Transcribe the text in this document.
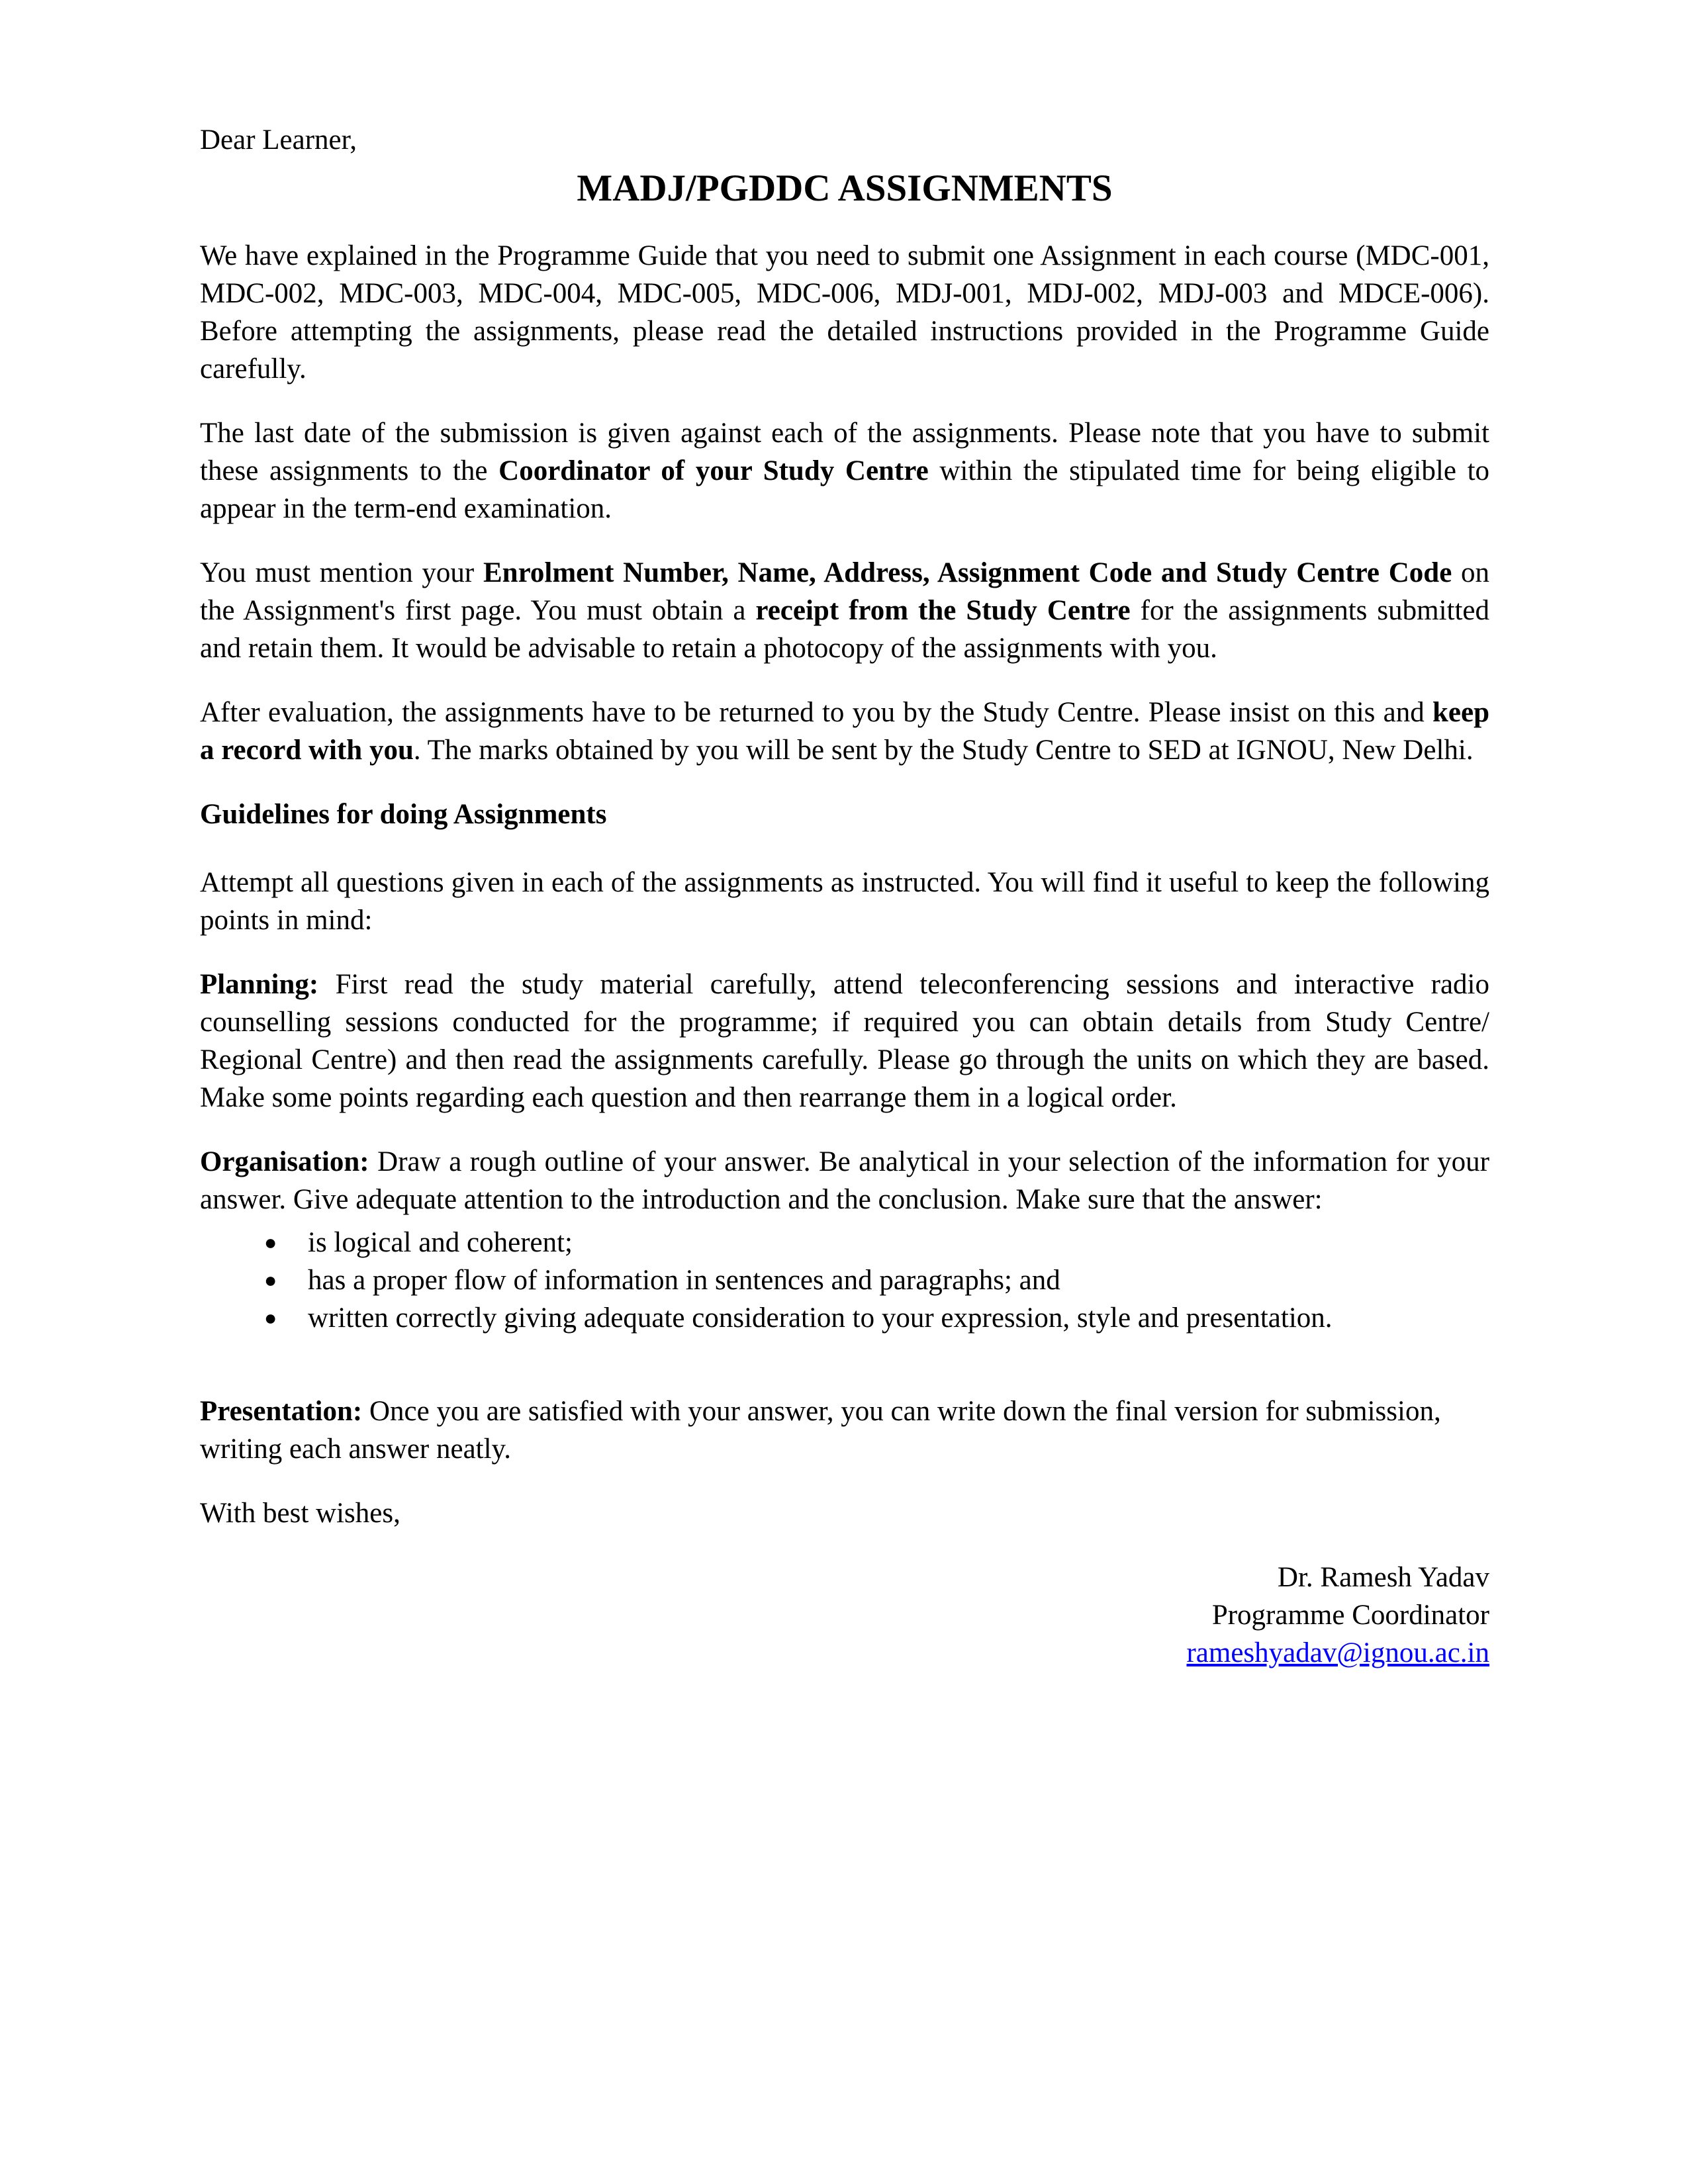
Dear Learner,

MADJ/PGDDC ASSIGNMENTS

We have explained in the Programme Guide that you need to submit one Assignment in each course (MDC-001, MDC-002, MDC-003, MDC-004, MDC-005, MDC-006, MDJ-001, MDJ-002, MDJ-003 and MDCE-006). Before attempting the assignments, please read the detailed instructions provided in the Programme Guide carefully.

The last date of the submission is given against each of the assignments. Please note that you have to submit these assignments to the Coordinator of your Study Centre within the stipulated time for being eligible to appear in the term-end examination.

You must mention your Enrolment Number, Name, Address, Assignment Code and Study Centre Code on the Assignment's first page. You must obtain a receipt from the Study Centre for the assignments submitted and retain them. It would be advisable to retain a photocopy of the assignments with you.

After evaluation, the assignments have to be returned to you by the Study Centre. Please insist on this and keep a record with you. The marks obtained by you will be sent by the Study Centre to SED at IGNOU, New Delhi.

Guidelines for doing Assignments

Attempt all questions given in each of the assignments as instructed. You will find it useful to keep the following points in mind:

Planning: First read the study material carefully, attend teleconferencing sessions and interactive radio counselling sessions conducted for the programme; if required you can obtain details from Study Centre/ Regional Centre) and then read the assignments carefully. Please go through the units on which they are based. Make some points regarding each question and then rearrange them in a logical order.

Organisation: Draw a rough outline of your answer. Be analytical in your selection of the information for your answer. Give adequate attention to the introduction and the conclusion. Make sure that the answer:

●	is logical and coherent;
●	has a proper flow of information in sentences and paragraphs; and
●	written correctly giving adequate consideration to your expression, style and presentation.

Presentation: Once you are satisfied with your answer, you can write down the final version for submission, writing each answer neatly.

With best wishes,

Dr. Ramesh Yadav
Programme Coordinator
rameshyadav@ignou.ac.in
